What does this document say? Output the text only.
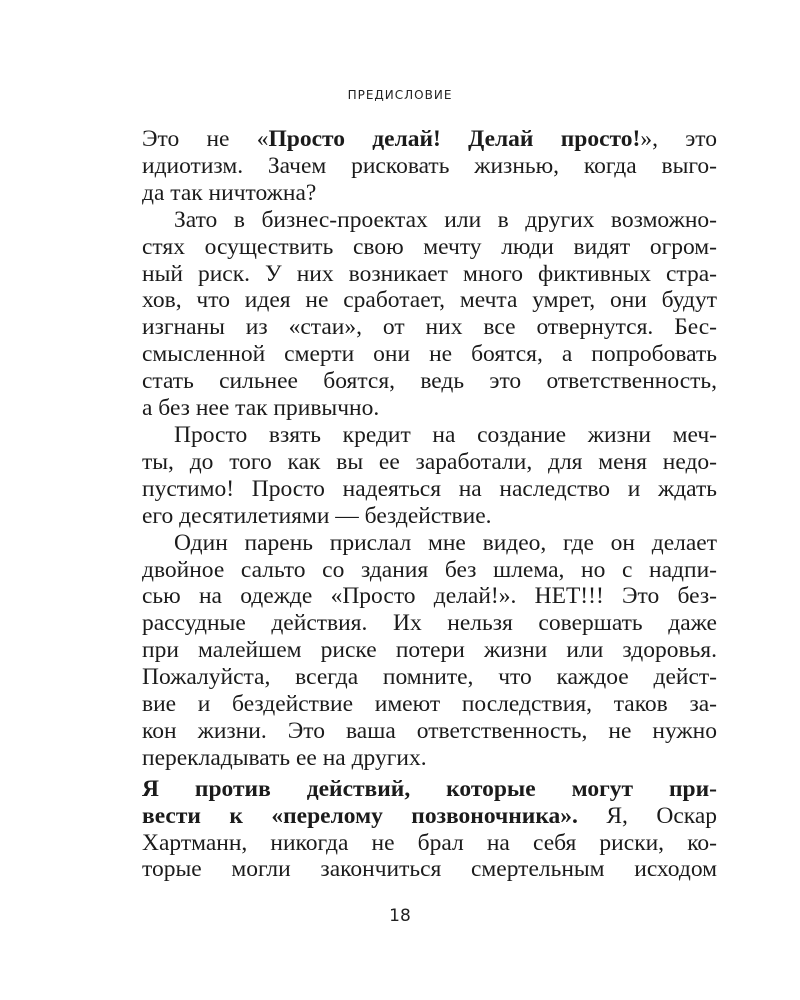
ПРЕДИСЛОВИЕ
Это не «Просто делай! Делай просто!», это
идиотизм. Зачем рисковать жизнью, когда выго-
да так ничтожна?
Зато в бизнес-проектах или в других возможно-
стях осуществить свою мечту люди видят огром-
ный риск. У них возникает много фиктивных стра-
хов, что идея не сработает, мечта умрет, они будут
изгнаны из «стаи», от них все отвернутся. Бес-
смысленной смерти они не боятся, а попробовать
стать сильнее боятся, ведь это ответственность,
а без нее так привычно.
Просто взять кредит на создание жизни меч-
ты, до того как вы ее заработали, для меня недо-
пустимо! Просто надеяться на наследство и ждать
его десятилетиями — бездействие.
Один парень прислал мне видео, где он делает
двойное сальто со здания без шлема, но с надпи-
сью на одежде «Просто делай!». НЕТ!!! Это без-
рассудные действия. Их нельзя совершать даже
при малейшем риске потери жизни или здоровья.
Пожалуйста, всегда помните, что каждое дейст-
вие и бездействие имеют последствия, таков за-
кон жизни. Это ваша ответственность, не нужно
перекладывать ее на других.
Я против действий, которые могут при-
вести к «перелому позвоночника». Я, Оскар
Хартманн, никогда не брал на себя риски, ко-
торые могли закончиться смертельным исходом
18
